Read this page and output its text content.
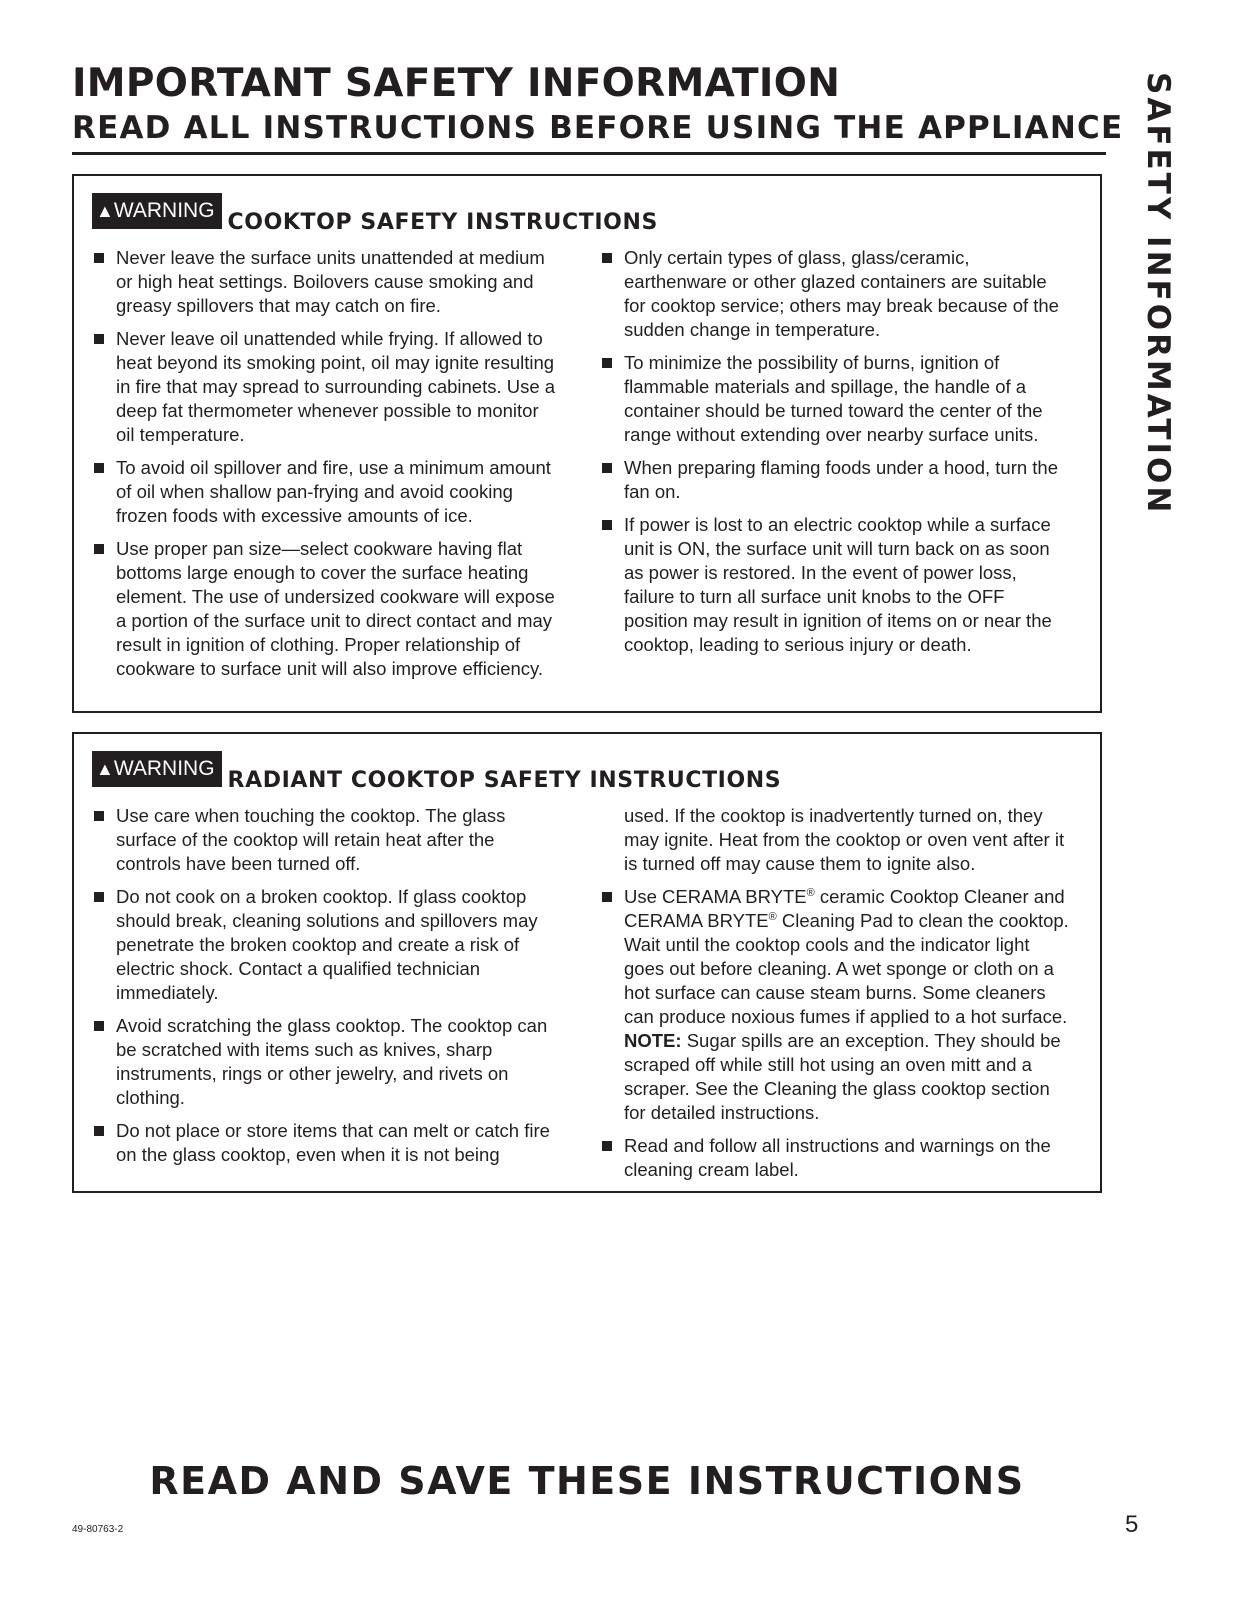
IMPORTANT SAFETY INFORMATION
READ ALL INSTRUCTIONS BEFORE USING THE APPLIANCE SAFETY INFORMATION
▲WARNING COOKTOP SAFETY INSTRUCTIONS
Never leave the surface units unattended at medium or high heat settings. Boilovers cause smoking and greasy spillovers that may catch on fire.
Never leave oil unattended while frying. If allowed to heat beyond its smoking point, oil may ignite resulting in fire that may spread to surrounding cabinets. Use a deep fat thermometer whenever possible to monitor oil temperature.
To avoid oil spillover and fire, use a minimum amount of oil when shallow pan-frying and avoid cooking frozen foods with excessive amounts of ice.
Use proper pan size—select cookware having flat bottoms large enough to cover the surface heating element. The use of undersized cookware will expose a portion of the surface unit to direct contact and may result in ignition of clothing. Proper relationship of cookware to surface unit will also improve efficiency.
Only certain types of glass, glass/ceramic, earthenware or other glazed containers are suitable for cooktop service; others may break because of the sudden change in temperature.
To minimize the possibility of burns, ignition of flammable materials and spillage, the handle of a container should be turned toward the center of the range without extending over nearby surface units.
When preparing flaming foods under a hood, turn the fan on.
If power is lost to an electric cooktop while a surface unit is ON, the surface unit will turn back on as soon as power is restored. In the event of power loss, failure to turn all surface unit knobs to the OFF position may result in ignition of items on or near the cooktop, leading to serious injury or death.
▲WARNING RADIANT COOKTOP SAFETY INSTRUCTIONS
Use care when touching the cooktop. The glass surface of the cooktop will retain heat after the controls have been turned off.
Do not cook on a broken cooktop. If glass cooktop should break, cleaning solutions and spillovers may penetrate the broken cooktop and create a risk of electric shock. Contact a qualified technician immediately.
Avoid scratching the glass cooktop. The cooktop can be scratched with items such as knives, sharp instruments, rings or other jewelry, and rivets on clothing.
Do not place or store items that can melt or catch fire on the glass cooktop, even when it is not being
used. If the cooktop is inadvertently turned on, they may ignite. Heat from the cooktop or oven vent after it is turned off may cause them to ignite also.
Use CERAMA BRYTE® ceramic Cooktop Cleaner and CERAMA BRYTE® Cleaning Pad to clean the cooktop. Wait until the cooktop cools and the indicator light goes out before cleaning. A wet sponge or cloth on a hot surface can cause steam burns. Some cleaners can produce noxious fumes if applied to a hot surface. NOTE: Sugar spills are an exception. They should be scraped off while still hot using an oven mitt and a scraper. See the Cleaning the glass cooktop section for detailed instructions.
Read and follow all instructions and warnings on the cleaning cream label.
READ AND SAVE THESE INSTRUCTIONS
49-80763-2	5
